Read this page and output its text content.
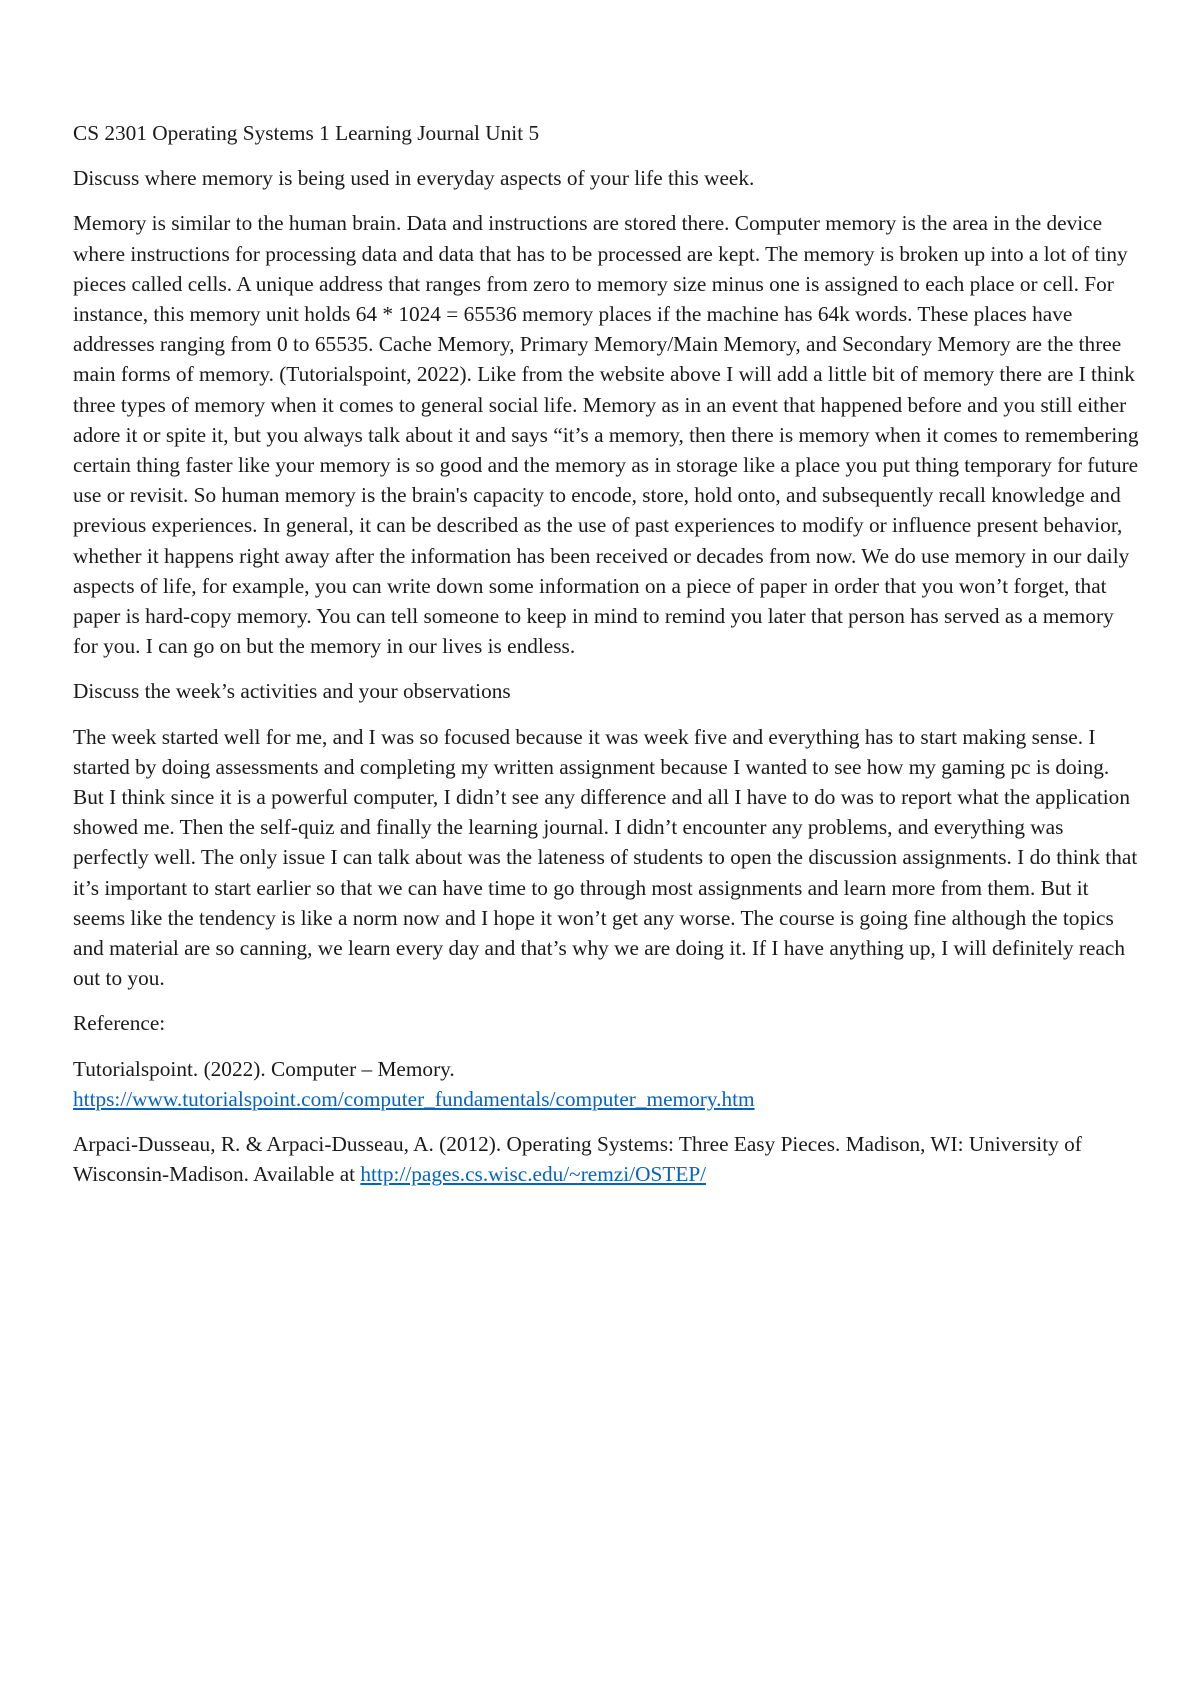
CS 2301 Operating Systems 1 Learning Journal Unit 5

Discuss where memory is being used in everyday aspects of your life this week.

Memory is similar to the human brain. Data and instructions are stored there. Computer memory is the area in the device where instructions for processing data and data that has to be processed are kept. The memory is broken up into a lot of tiny pieces called cells. A unique address that ranges from zero to memory size minus one is assigned to each place or cell. For instance, this memory unit holds 64 * 1024 = 65536 memory places if the machine has 64k words. These places have addresses ranging from 0 to 65535. Cache Memory, Primary Memory/Main Memory, and Secondary Memory are the three main forms of memory. (Tutorialspoint, 2022). Like from the website above I will add a little bit of memory there are I think three types of memory when it comes to general social life. Memory as in an event that happened before and you still either adore it or spite it, but you always talk about it and says “it’s a memory, then there is memory when it comes to remembering certain thing faster like your memory is so good and the memory as in storage like a place you put thing temporary for future use or revisit. So human memory is the brain's capacity to encode, store, hold onto, and subsequently recall knowledge and previous experiences. In general, it can be described as the use of past experiences to modify or influence present behavior, whether it happens right away after the information has been received or decades from now. We do use memory in our daily aspects of life, for example, you can write down some information on a piece of paper in order that you won’t forget, that paper is hard-copy memory. You can tell someone to keep in mind to remind you later that person has served as a memory for you. I can go on but the memory in our lives is endless.

Discuss the week’s activities and your observations

The week started well for me, and I was so focused because it was week five and everything has to start making sense. I started by doing assessments and completing my written assignment because I wanted to see how my gaming pc is doing. But I think since it is a powerful computer, I didn’t see any difference and all I have to do was to report what the application showed me. Then the self-quiz and finally the learning journal. I didn’t encounter any problems, and everything was perfectly well. The only issue I can talk about was the lateness of students to open the discussion assignments. I do think that it’s important to start earlier so that we can have time to go through most assignments and learn more from them. But it seems like the tendency is like a norm now and I hope it won’t get any worse. The course is going fine although the topics and material are so canning, we learn every day and that’s why we are doing it. If I have anything up, I will definitely reach out to you.

Reference:

Tutorialspoint. (2022). Computer – Memory.
https://www.tutorialspoint.com/computer_fundamentals/computer_memory.htm

Arpaci-Dusseau, R. & Arpaci-Dusseau, A. (2012). Operating Systems: Three Easy Pieces. Madison, WI: University of Wisconsin-Madison. Available at http://pages.cs.wisc.edu/~remzi/OSTEP/
